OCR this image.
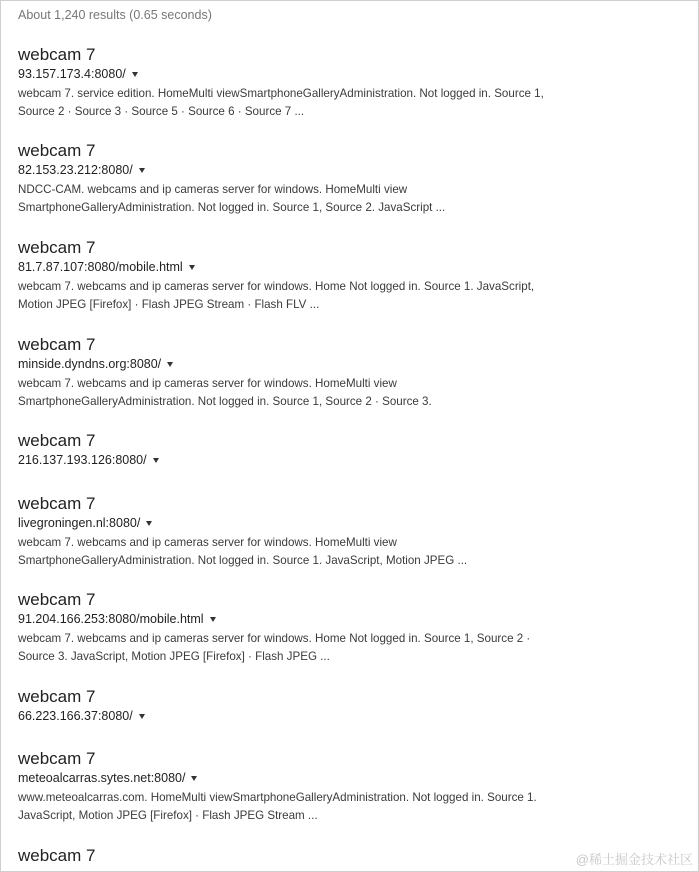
About 1,240 results (0.65 seconds)

webcam 7
93.157.173.4:8080/
webcam 7. service edition. HomeMulti viewSmartphoneGalleryAdministration. Not logged in. Source 1,
Source 2 · Source 3 · Source 5 · Source 6 · Source 7 ...
webcam 7
82.153.23.212:8080/
NDCC-CAM. webcams and ip cameras server for windows. HomeMulti view
SmartphoneGalleryAdministration. Not logged in. Source 1, Source 2. JavaScript ...
webcam 7
81.7.87.107:8080/mobile.html
webcam 7. webcams and ip cameras server for windows. Home Not logged in. Source 1. JavaScript,
Motion JPEG [Firefox] · Flash JPEG Stream · Flash FLV ...
webcam 7
minside.dyndns.org:8080/
webcam 7. webcams and ip cameras server for windows. HomeMulti view
SmartphoneGalleryAdministration. Not logged in. Source 1, Source 2 · Source 3.
webcam 7
216.137.193.126:8080/
webcam 7
livegroningen.nl:8080/
webcam 7. webcams and ip cameras server for windows. HomeMulti view
SmartphoneGalleryAdministration. Not logged in. Source 1. JavaScript, Motion JPEG ...
webcam 7
91.204.166.253:8080/mobile.html
webcam 7. webcams and ip cameras server for windows. Home Not logged in. Source 1, Source 2 ·
Source 3. JavaScript, Motion JPEG [Firefox] · Flash JPEG ...
webcam 7
66.223.166.37:8080/
webcam 7
meteoalcarras.sytes.net:8080/
www.meteoalcarras.com. HomeMulti viewSmartphoneGalleryAdministration. Not logged in. Source 1.
JavaScript, Motion JPEG [Firefox] · Flash JPEG Stream ...
webcam 7	@稀土掘金技术社区
